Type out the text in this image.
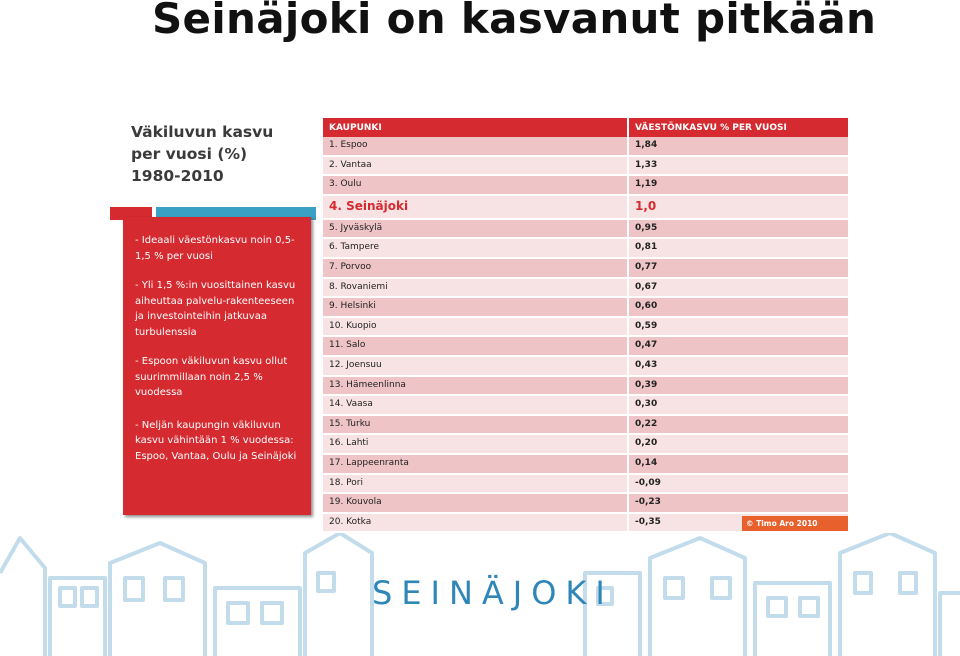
Seinäjoki on kasvanut pitkään
Väkiluvun kasvu
per vuosi (%)
1980-2010

- Ideaali väestönkasvu noin 0,5-1,5 % per vuosi

- Yli 1,5 %:in vuosittainen kasvu aiheuttaa palvelu-rakenteeseen ja investointeihin jatkuvaa turbulenssia

- Espoon väkiluvun kasvu ollut suurimmillaan noin 2,5 % vuodessa

- Neljän kaupungin väkiluvun kasvu vähintään 1 % vuodessa: Espoo, Vantaa, Oulu ja Seinäjoki

KAUPUNKI	VÄESTÖNKASVU % PER VUOSI
1. Espoo	1,84
2. Vantaa	1,33
3. Oulu	1,19
4. Seinäjoki	1,0
5. Jyväskylä	0,95
6. Tampere	0,81
7. Porvoo	0,77
8. Rovaniemi	0,67
9. Helsinki	0,60
10. Kuopio	0,59
11. Salo	0,47
12. Joensuu	0,43
13. Hämeenlinna	0,39
14. Vaasa	0,30
15. Turku	0,22
16. Lahti	0,20
17. Lappeenranta	0,14
18. Pori	-0,09
19. Kouvola	-0,23
20. Kotka	-0,35	© Timo Aro 2010
SEINÄJOKI
